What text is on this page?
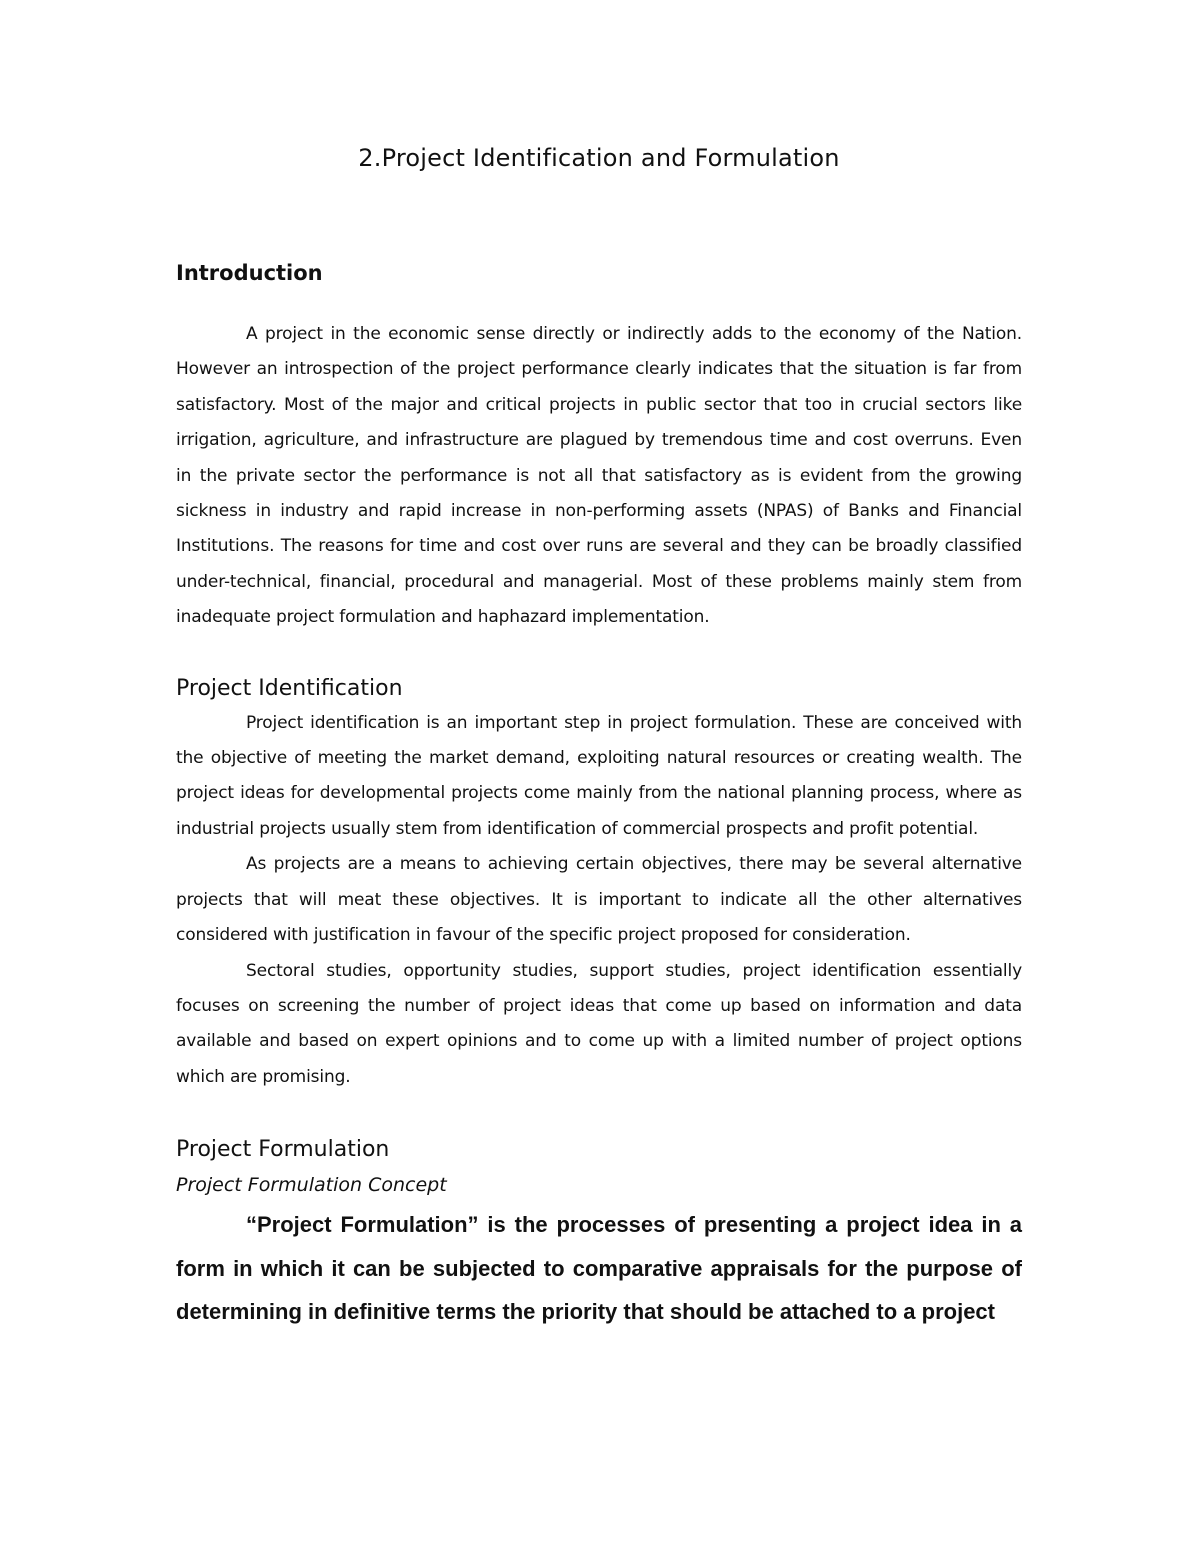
2.Project Identification and Formulation
Introduction

A project in the economic sense directly or indirectly adds to the economy of the Nation. However an introspection of the project performance clearly indicates that the situation is far from satisfactory. Most of the major and critical projects in public sector that too in crucial sectors like irrigation, agriculture, and infrastructure are plagued by tremendous time and cost overruns. Even in the private sector the performance is not all that satisfactory as is evident from the growing sickness in industry and rapid increase in non-performing assets (NPAS) of Banks and Financial Institutions. The reasons for time and cost over runs are several and they can be broadly classified under-technical, financial, procedural and managerial. Most of these problems mainly stem from inadequate project formulation and haphazard implementation.

Project Identification

Project identification is an important step in project formulation. These are conceived with the objective of meeting the market demand, exploiting natural resources or creating wealth. The project ideas for developmental projects come mainly from the national planning process, where as industrial projects usually stem from identification of commercial prospects and profit potential.

As projects are a means to achieving certain objectives, there may be several alternative projects that will meat these objectives. It is important to indicate all the other alternatives considered with justification in favour of the specific project proposed for consideration.

Sectoral studies, opportunity studies, support studies, project identification essentially focuses on screening the number of project ideas that come up based on information and data available and based on expert opinions and to come up with a limited number of project options which are promising.

Project Formulation
Project Formulation Concept

“Project Formulation” is the processes of presenting a project idea in a form in which it can be subjected to comparative appraisals for the purpose of determining in definitive terms the priority that should be attached to a project
